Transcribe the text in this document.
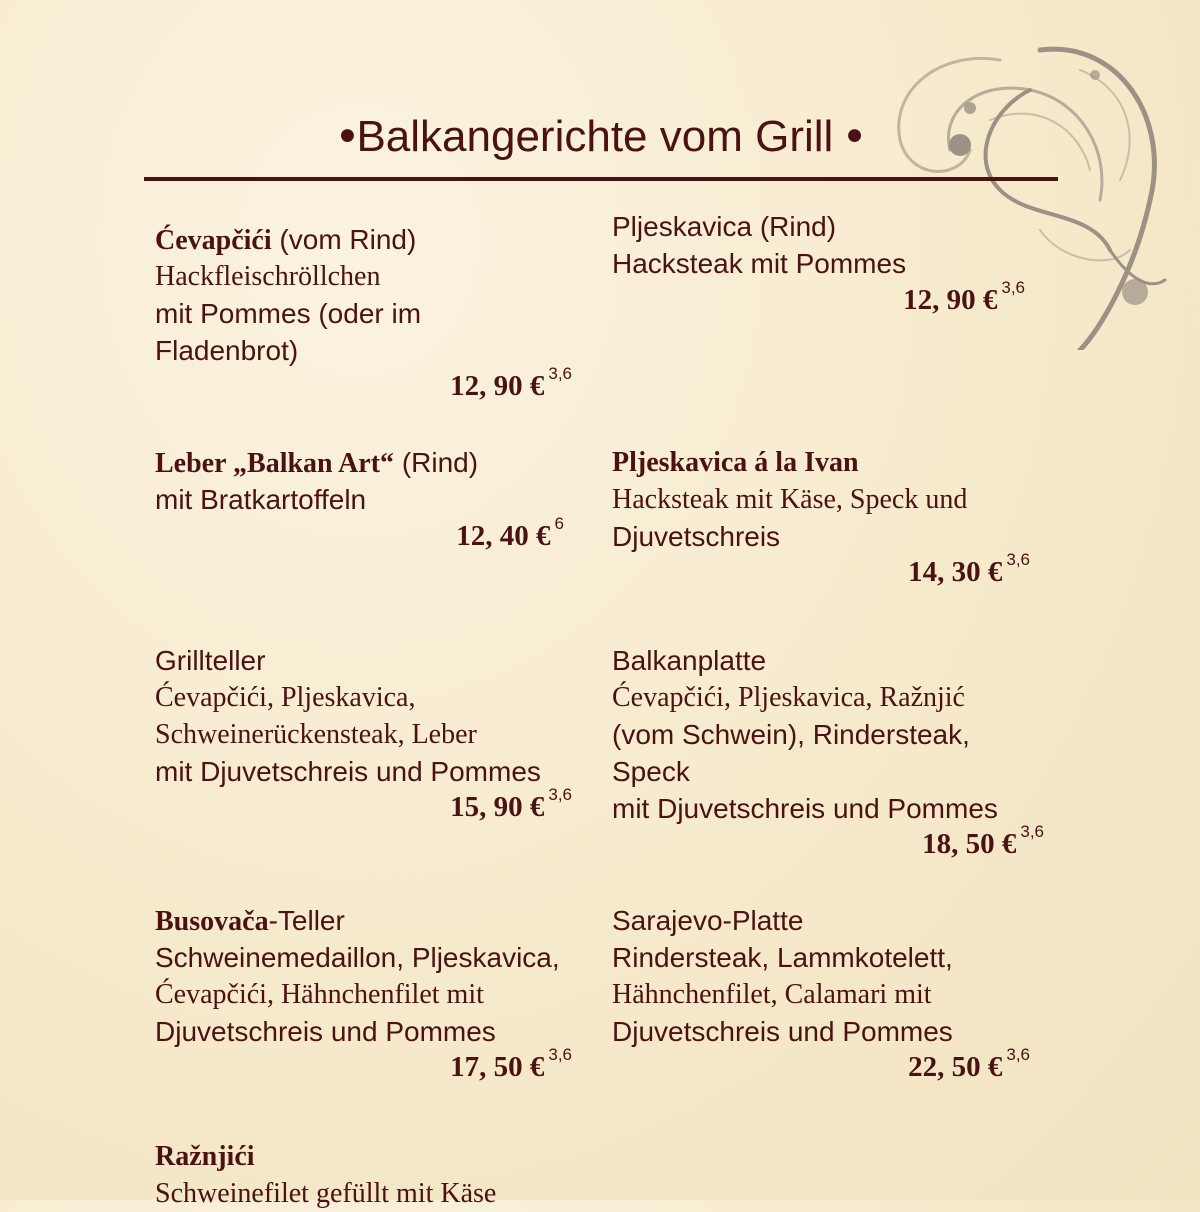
●Balkangerichte vom Grill ●

Ćevapčići (vom Rind)

Hackfleischröllchen

mit Pommes (oder im

Fladenbrot)

12, 90 € $^{3,6}$

Pljeskavica (Rind)

Hacksteak mit Pommes

12, 90 € $^{3,6}$

Leber „Balkan Art“ (Rind)

mit Bratkartoffeln

12, 40 € $^6$

Pljeskavica á la Ivan

Hacksteak mit Käse, Speck und

Djuvetschreis

14, 30 € $^{3,6}$

Grillteller

Ćevapčići, Pljeskavica,

Schweinerückensteak, Leber

mit Djuvetschreis und Pommes

15, 90 € $^{3,6}$

Balkanplatte

Ćevapčići, Pljeskavica, Ražnjić

(vom Schwein), Rindersteak,

Speck

mit Djuvetschreis und Pommes

18, 50 € $^{3,6}$

Busovača-Teller

Schweinemedaillon, Pljeskavica,

Ćevapčići, Hähnchenfilet mit

Djuvetschreis und Pommes

17, 50 € $^{3,6}$

Sarajevo-Platte

Rindersteak, Lammkotelett,

Hähnchenfilet, Calamari mit

Djuvetschreis und Pommes

22, 50 € $^{3,6}$

Ražnjići

Schweinefilet gefüllt mit Käse
